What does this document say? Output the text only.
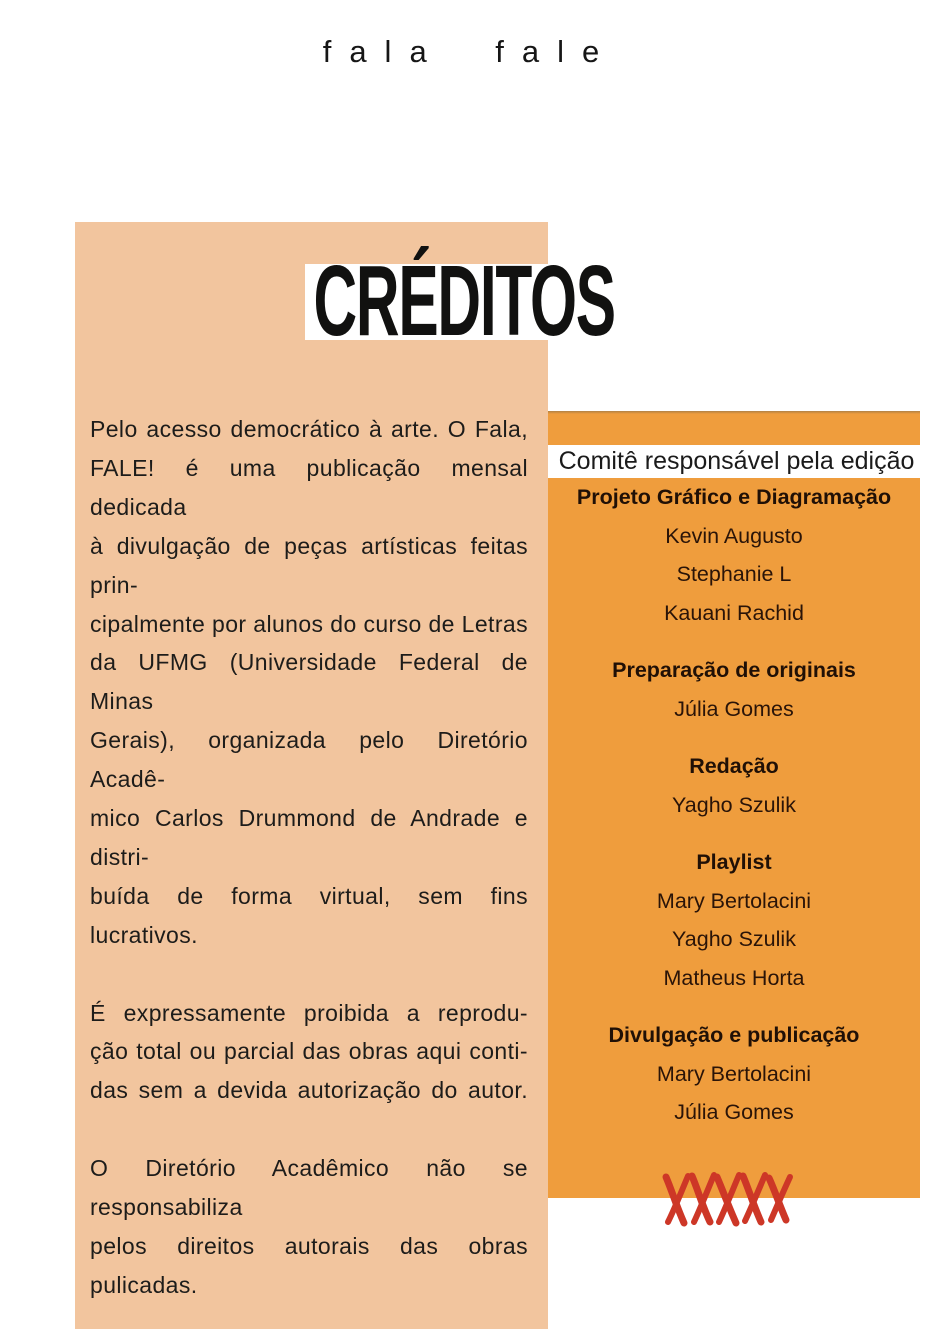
fala fale
CRÉDITOS
Pelo acesso democrático à arte. O Fala,
FALE! é uma publicação mensal dedicada
à divulgação de peças artísticas feitas prin-
cipalmente por alunos do curso de Letras
da UFMG (Universidade Federal de Minas
Gerais), organizada pelo Diretório Acadê-
mico Carlos Drummond de Andrade e distri-
buída de forma virtual, sem fins lucrativos.
É expressamente proibida a reprodu-
ção total ou parcial das obras aqui conti-
das sem a devida autorização do autor.
O Diretório Acadêmico não se responsabiliza
pelos direitos autorais das obras pulicadas.
Comitê responsável pela edição
Projeto Gráfico e Diagramação
Kevin Augusto
Stephanie L
Kauani Rachid
Preparação de originais
Júlia Gomes
Redação
Yagho Szulik
Playlist
Mary Bertolacini
Yagho Szulik
Matheus Horta
Divulgação e publicação
Mary Bertolacini
Júlia Gomes
